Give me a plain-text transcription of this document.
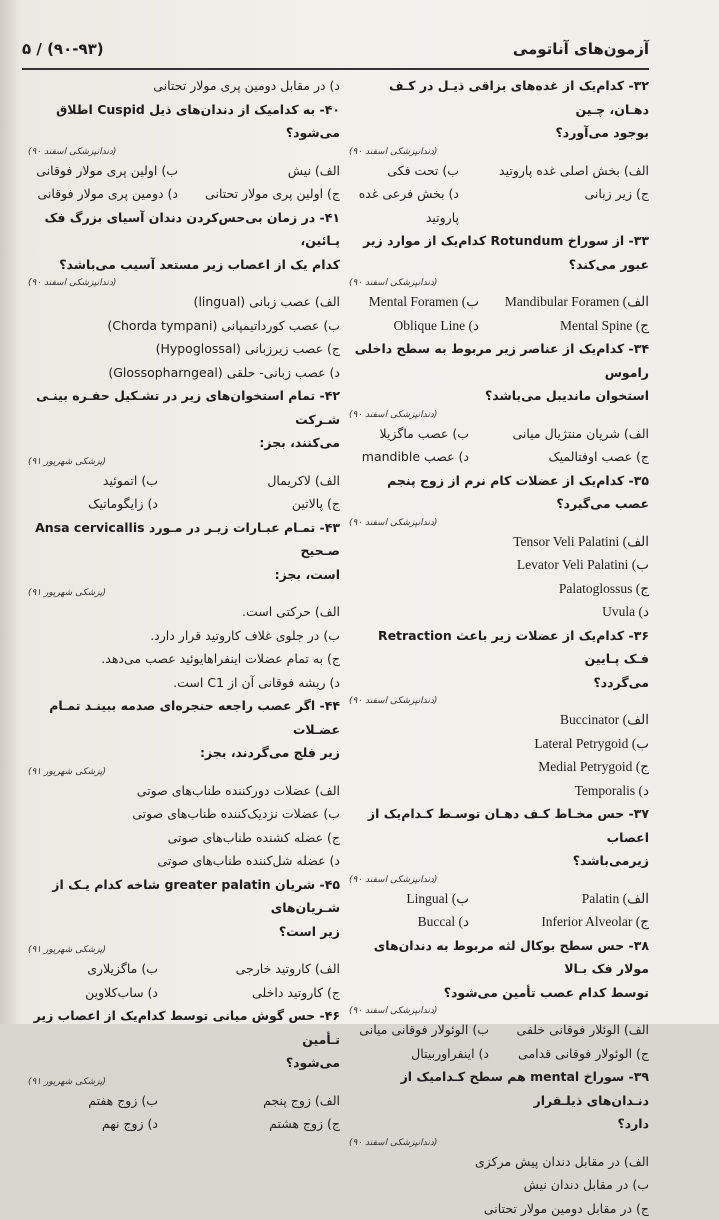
آزمون‌های آناتومی
۵ / (۹۰-۹۳)
۳۲- کدام‌یک از غده‌های بزاقی ذیـل در کـف دهـان، چـین
بوجود می‌آورد؟
(دندانپزشکی اسفند ۹۰)
الف) بخش اصلی غده پاروتید
ب) تحت فکی
ج) زیر زبانی
د) بخش فرعی غده پاروتید
۳۳- از سوراخ Rotundum کدام‌یک از موارد زیر عبور می‌کند؟
(دندانپزشکی اسفند ۹۰)
الف) Mandibular Foramen
ب) Mental Foramen
ج) Mental Spine
د) Oblique Line
۳۴- کدام‌یک از عناصر زیر مربوط به سطح داخلی راموس
استخوان ماندیبل می‌باشد؟
(دندانپزشکی اسفند ۹۰)
الف) شریان منتژیال میانی
ب) عصب ماگزیلا
ج) عصب اوفتالمیک
د) عصب mandible
۳۵- کدام‌یک از عضلات کام نرم از زوج پنجم عصب می‌گیرد؟
(دندانپزشکی اسفند ۹۰)
الف) Tensor Veli Palatini
ب) Levator Veli Palatini
ج) Palatoglossus
د) Uvula
۳۶- کدام‌یک از عضلات زیر باعث Retraction فـک پـایین
می‌گردد؟
(دندانپزشکی اسفند ۹۰)
الف) Buccinator
ب) Lateral Petrygoid
ج) Medial Petrygoid
د) Temporalis
۳۷- حس مخـاط کـف دهـان توسـط کـدام‌یک از اعصاب
زیرمی‌باشد؟
(دندانپزشکی اسفند ۹۰)
الف) Palatin
ب) Lingual
ج) Inferior Alveolar
د) Buccal
۳۸- حس سطح بوکال لثه مربوط به دندان‌های مولار فک بـالا
توسط کدام عصب تأمین می‌شود؟
(دندانپزشکی اسفند ۹۰)
الف) الوئلار فوقانی خلفی
ب) الوئولار فوقانی میانی
ج) الوئولار فوقانی قدامی
د) اینفراوربیتال
۳۹- سوراخ mental هم سطح کـدامیک از دنـدان‌های ذیلـقرار
دارد؟
(دندانپزشکی اسفند ۹۰)
الف) در مقابل دندان پیش مرکزی
ب) در مقابل دندان نیش
ج) در مقابل دومین مولار تحتانی
د) در مقابل دومین پری مولار تحتانی
۴۰- به کدامیک از دندان‌های ذیل Cuspid اطلاق می‌شود؟
(دندانپزشکی اسفند ۹۰)
الف) نیش
ب) اولین پری مولار فوقانی
ج) اولین پری مولار تحتانی
د) دومین پری مولار فوقانی
۴۱- در زمان بی‌حس‌کردن دندان آسیای بزرگ فک پـائین،
کدام یک از اعصاب زیر مستعد آسیب می‌باشد؟
(دندانپزشکی اسفند ۹۰)
الف) عصب زبانی (lingual)
ب) عصب کورداتیمپانی (Chorda tympani)
ج) عصب زیرزبانی (Hypoglossal)
د) عصب زبانی- حلقی (Glossopharngeal)
۴۲- تمام استخوان‌های زیر در تشـکیل حفـره بینـی شـرکت
می‌کنند، بجز:
(پزشکی شهریور ۹۱)
الف) لاکریمال
ب) اتموئید
ج) پالاتین
د) زایگوماتیک
۴۳- تمـام عبـارات زیـر در مـورد Ansa cervicallis صـحیح
است، بجز:
(پزشکی شهریور ۹۱)
الف) حرکتی است.
ب) در جلوی غلاف کاروتید قرار دارد.
ج) به تمام عضلات اینفراهایوئید عصب می‌دهد.
د) ریشه فوقانی آن از C1 است.
۴۴- اگر عصب راجعه حنجره‌ای صدمه ببینـد تمـام عضـلات
زیر فلج می‌گردند، بجز:
(پزشکی شهریور ۹۱)
الف) عضلات دورکننده طناب‌های صوتی
ب) عضلات نزدیک‌کننده طناب‌های صوتی
ج) عضله کشنده طناب‌های صوتی
د) عضله شل‌کننده طناب‌های صوتی
۴۵- شریان greater palatin شاخه کدام یـک از شـریان‌های
زیر است؟
(پزشکی شهریور ۹۱)
الف) کاروتید خارجی
ب) ماگزیلاری
ج) کاروتید داخلی
د) ساب‌کلاوین
۴۶- حس گوش میانی توسط کدام‌یک از اعصاب زیر تـأمین
می‌شود؟
(پزشکی شهریور ۹۱)
الف) زوج پنجم
ب) زوج هفتم
ج) زوج هشتم
د) زوج نهم
